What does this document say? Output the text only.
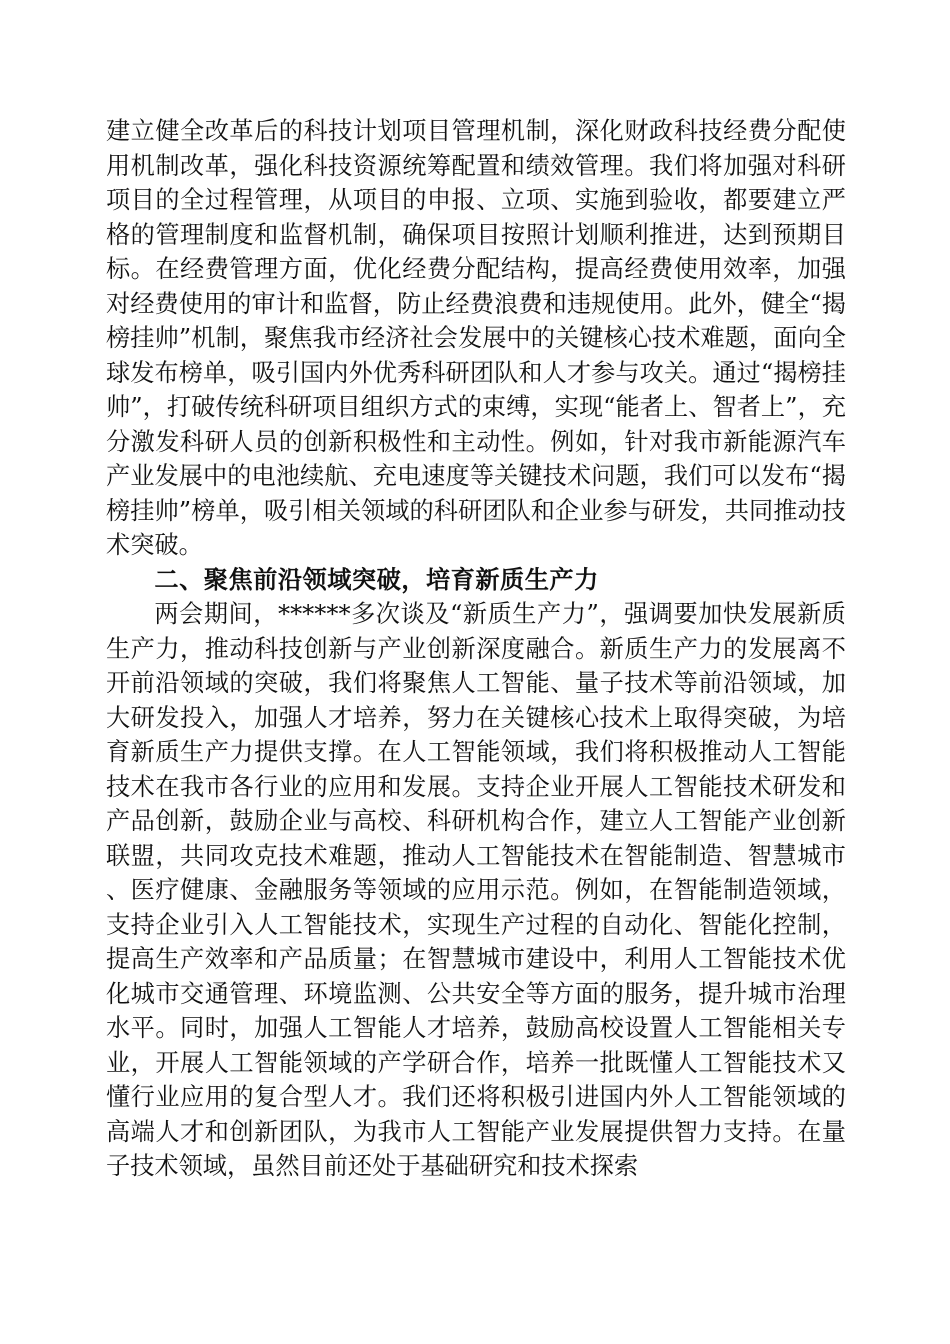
建立健全改革后的科技计划项目管理机制，深化财政科技经费分配使用机制改革，强化科技资源统筹配置和绩效管理。我们将加强对科研项目的全过程管理，从项目的申报、立项、实施到验收，都要建立严格的管理制度和监督机制，确保项目按照计划顺利推进，达到预期目标。在经费管理方面，优化经费分配结构，提高经费使用效率，加强对经费使用的审计和监督，防止经费浪费和违规使用。此外，健全“揭榜挂帅”机制，聚焦我市经济社会发展中的关键核心技术难题，面向全球发布榜单，吸引国内外优秀科研团队和人才参与攻关。通过“揭榜挂帅”，打破传统科研项目组织方式的束缚，实现“能者上、智者上”，充分激发科研人员的创新积极性和主动性。例如，针对我市新能源汽车产业发展中的电池续航、充电速度等关键技术问题，我们可以发布“揭榜挂帅”榜单，吸引相关领域的科研团队和企业参与研发，共同推动技术突破。

二、聚焦前沿领域突破，培育新质生产力

两会期间，******多次谈及“新质生产力”，强调要加快发展新质生产力，推动科技创新与产业创新深度融合。新质生产力的发展离不开前沿领域的突破，我们将聚焦人工智能、量子技术等前沿领域，加大研发投入，加强人才培养，努力在关键核心技术上取得突破，为培育新质生产力提供支撑。在人工智能领域，我们将积极推动人工智能技术在我市各行业的应用和发展。支持企业开展人工智能技术研发和产品创新，鼓励企业与高校、科研机构合作，建立人工智能产业创新联盟，共同攻克技术难题，推动人工智能技术在智能制造、智慧城市、医疗健康、金融服务等领域的应用示范。例如，在智能制造领域，支持企业引入人工智能技术，实现生产过程的自动化、智能化控制，提高生产效率和产品质量；在智慧城市建设中，利用人工智能技术优化城市交通管理、环境监测、公共安全等方面的服务，提升城市治理水平。同时，加强人工智能人才培养，鼓励高校设置人工智能相关专业，开展人工智能领域的产学研合作，培养一批既懂人工智能技术又懂行业应用的复合型人才。我们还将积极引进国内外人工智能领域的高端人才和创新团队，为我市人工智能产业发展提供智力支持。在量子技术领域，虽然目前还处于基础研究和技术探索
